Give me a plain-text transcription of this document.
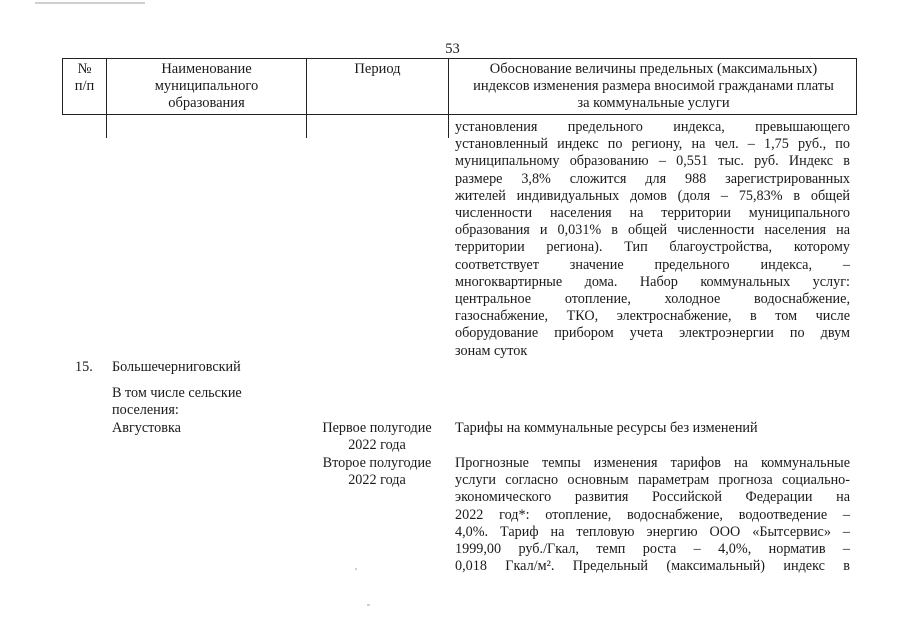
53
№
п/п
Наименование
муниципального
образования
Период	Обоснование величины предельных (максимальных)
индексов изменения размера вносимой гражданами платы
за коммунальные услуги
установления предельного индекса, превышающего
установленный индекс по региону, на чел. – 1,75 руб., по
муниципальному образованию – 0,551 тыс. руб. Индекс в
размере 3,8% сложится для 988 зарегистрированных
жителей индивидуальных домов (доля – 75,83% в общей
численности населения на территории муниципального
образования и 0,031% в общей численности населения на
территории региона). Тип благоустройства, которому
соответствует значение предельного индекса, –
многоквартирные дома. Набор коммунальных услуг:
центральное отопление, холодное водоснабжение,
газоснабжение, ТКО, электроснабжение, в том числе
оборудование прибором учета электроэнергии по двум
зонам суток
15. Большечерниговский
В том числе сельские
поселения:
Августовка	Первое полугодие
2022 года
Тарифы на коммунальные ресурсы без изменений
Второе полугодие
2022 года
Прогнозные темпы изменения тарифов на коммунальные
услуги согласно основным параметрам прогноза социально-
экономического развития Российской Федерации на
2022 год*: отопление, водоснабжение, водоотведение –
4,0%. Тариф на тепловую энергию ООО «Бытсервис» –
1999,00 руб./Гкал, темп роста – 4,0%, норматив –
0,018 Гкал/м². Предельный (максимальный) индекс в
